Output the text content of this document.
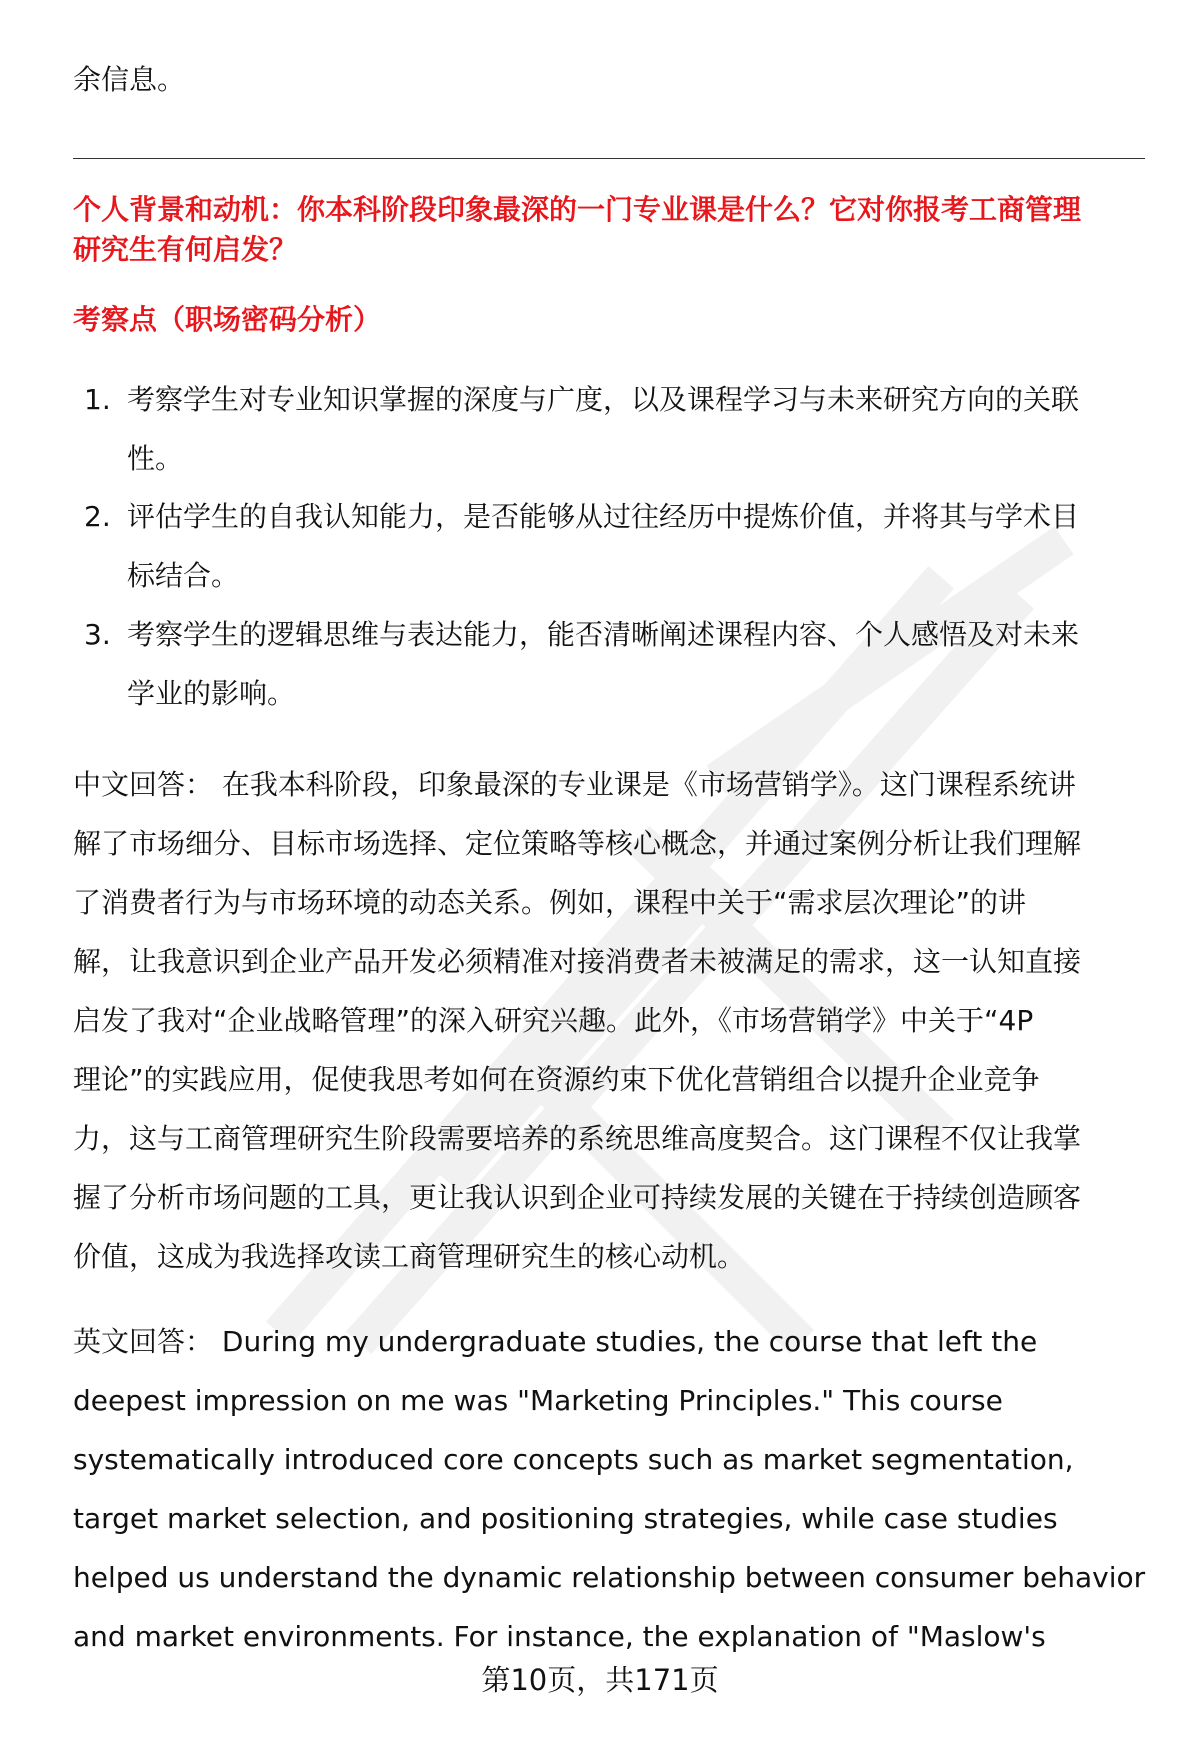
余信息。
个人背景和动机：你本科阶段印象最深的一门专业课是什么？它对你报考工商管理
研究生有何启发？
考察点（职场密码分析）
1. 考察学生对专业知识掌握的深度与广度，以及课程学习与未来研究方向的关联
性。
2. 评估学生的自我认知能力，是否能够从过往经历中提炼价值，并将其与学术目
标结合。
3. 考察学生的逻辑思维与表达能力，能否清晰阐述课程内容、个人感悟及对未来
学业的影响。
中文回答： 在我本科阶段，印象最深的专业课是《市场营销学》。这门课程系统讲
解了市场细分、目标市场选择、定位策略等核心概念，并通过案例分析让我们理解
了消费者行为与市场环境的动态关系。例如，课程中关于“需求层次理论”的讲
解，让我意识到企业产品开发必须精准对接消费者未被满足的需求，这一认知直接
启发了我对“企业战略管理”的深入研究兴趣。此外，《市场营销学》中关于“4P
理论”的实践应用，促使我思考如何在资源约束下优化营销组合以提升企业竞争
力，这与工商管理研究生阶段需要培养的系统思维高度契合。这门课程不仅让我掌
握了分析市场问题的工具，更让我认识到企业可持续发展的关键在于持续创造顾客
价值，这成为我选择攻读工商管理研究生的核心动机。
英文回答： During my undergraduate studies, the course that left the
deepest impression on me was "Marketing Principles." This course
systematically introduced core concepts such as market segmentation,
target market selection, and positioning strategies, while case studies
helped us understand the dynamic relationship between consumer behavior
and market environments. For instance, the explanation of "Maslow's
第10页，共171页
